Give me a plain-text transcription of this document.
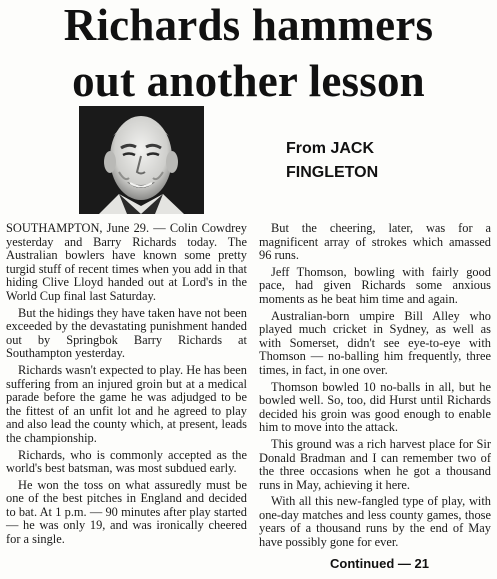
Richards hammers
out another lesson
From JACK
FINGLETON

SOUTHAMPTON, June 29. — Colin Cowdrey yesterday and Barry Richards today. The Australian bowlers have known some pretty turgid stuff of recent times when you add in that hiding Clive Lloyd handed out at Lord's in the World Cup final last Saturday.

But the hidings they have taken have not been exceeded by the devastating punishment handed out by Springbok Barry Richards at Southampton yesterday.

Richards wasn't expected to play. He has been suffering from an injured groin but at a medical parade before the game he was adjudged to be the fittest of an unfit lot and he agreed to play and also lead the county which, at present, leads the championship.

Richards, who is commonly accepted as the world's best batsman, was most subdued early.

He won the toss on what assuredly must be one of the best pitches in England and decided to bat. At 1 p.m. — 90 minutes after play started — he was only 19, and was ironically cheered for a single.

But the cheering, later, was for a magnificent array of strokes which amassed 96 runs.

Jeff Thomson, bowling with fairly good pace, had given Richards some anxious moments as he beat him time and again.

Australian-born umpire Bill Alley who played much cricket in Sydney, as well as with Somerset, didn't see eye-to-eye with Thomson — no-balling him frequently, three times, in fact, in one over.

Thomson bowled 10 no-balls in all, but he bowled well. So, too, did Hurst until Richards decided his groin was good enough to enable him to move into the attack.

This ground was a rich harvest place for Sir Donald Bradman and I can remember two of the three occasions when he got a thousand runs in May, achieving it here.

With all this new-fangled type of play, with one-day matches and less county games, those years of a thousand runs by the end of May have possibly gone for ever.

Continued — 21
